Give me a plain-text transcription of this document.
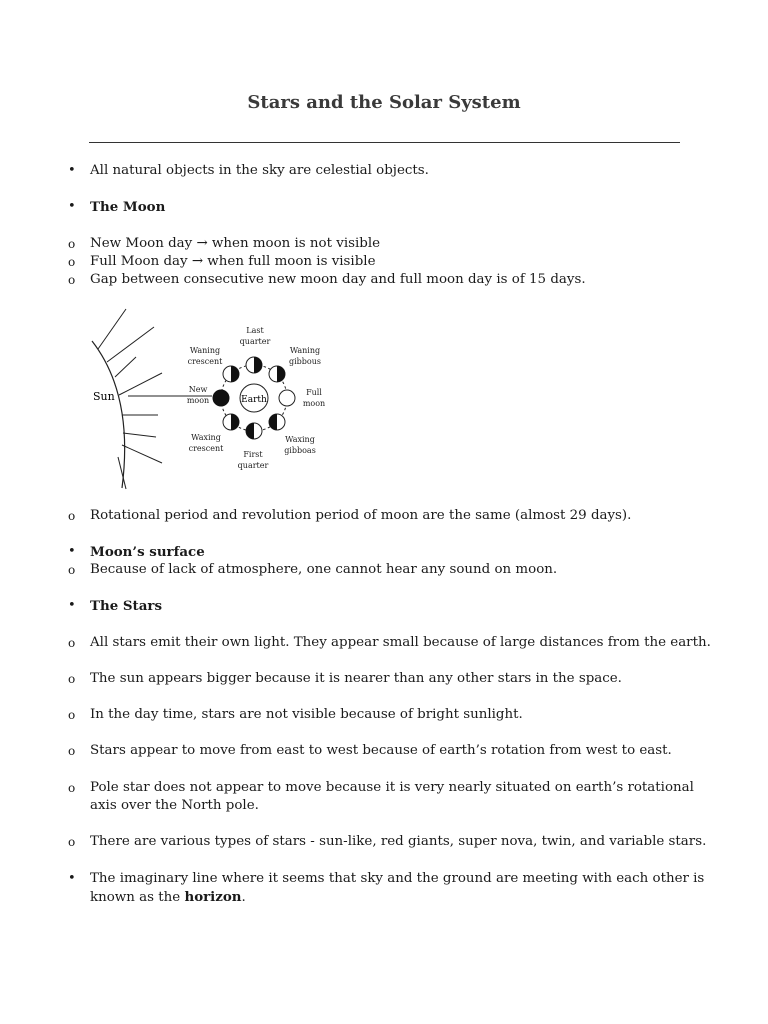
Stars and the Solar System
•	All natural objects in the sky are celestial objects.
•	The Moon
o	New Moon day → when moon is not visible
o	Full Moon day → when full moon is visible
o	Gap between consecutive new moon day and full moon day is of 15 days.
Sun	Earth
Last
quarter
Waning
crescent
Waning
gibbous
New
moon
Full
moon
Waxing
crescent
Waxing
gibboas
First
quarter
o	Rotational period and revolution period of moon are the same (almost 29 days).
•	Moon’s surface
o	Because of lack of atmosphere, one cannot hear any sound on moon.
•	The Stars
o	All stars emit their own light. They appear small because of large distances from the earth.
o	The sun appears bigger because it is nearer than any other stars in the space.
o	In the day time, stars are not visible because of bright sunlight.
o	Stars appear to move from east to west because of earth’s rotation from west to east.
o	Pole star does not appear to move because it is very nearly situated on earth’s rotational
axis over the North pole.
o	There are various types of stars - sun-like, red giants, super nova, twin, and variable stars.
•	The imaginary line where it seems that sky and the ground are meeting with each other is
known as the horizon.
